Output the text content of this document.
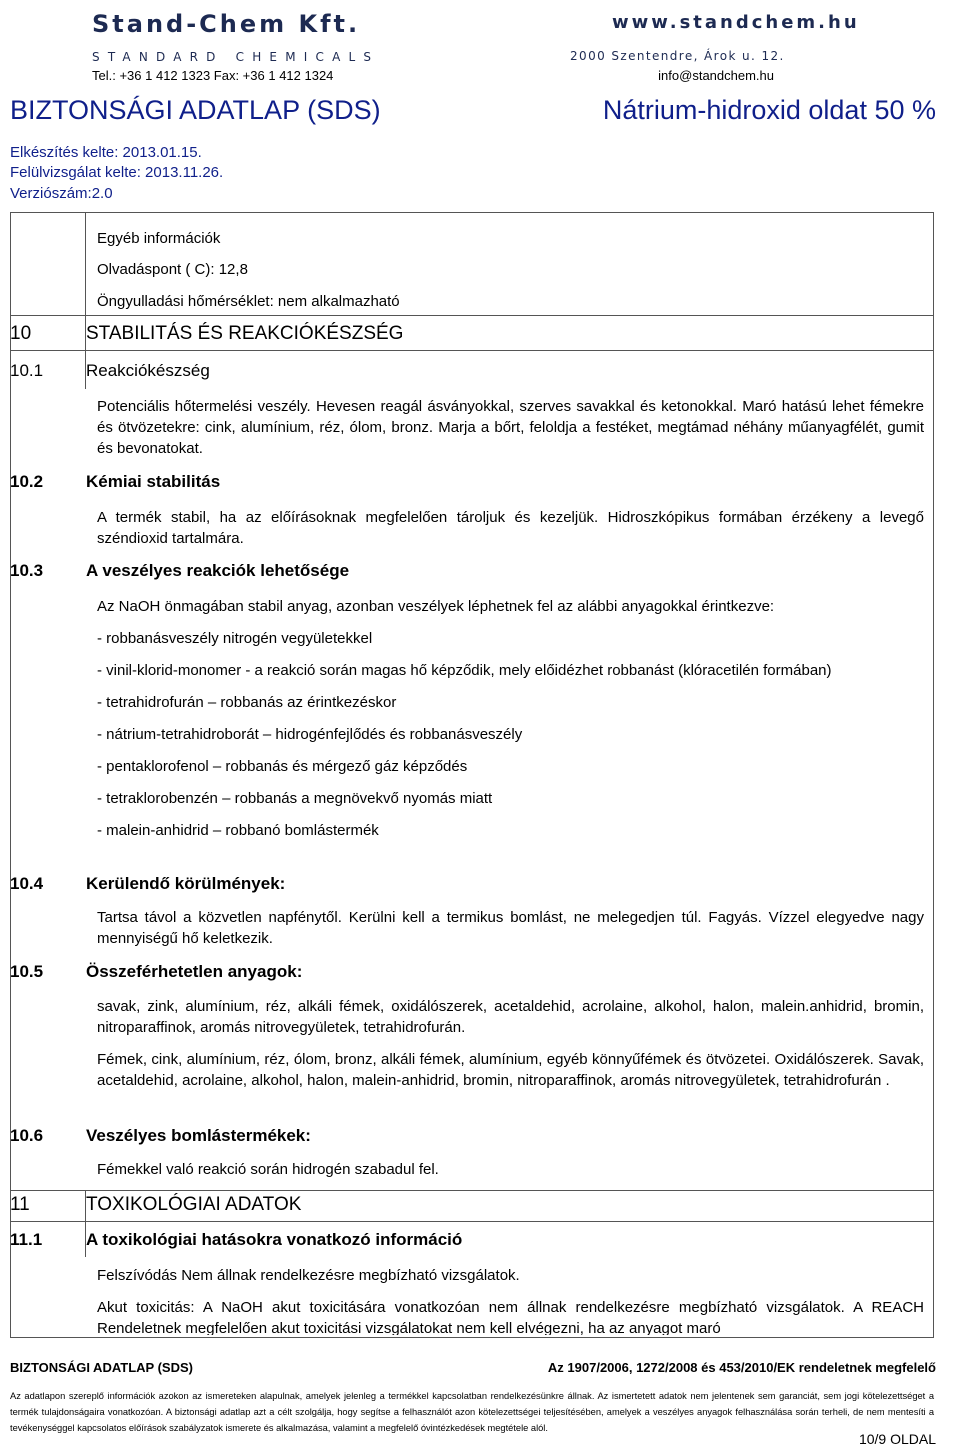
Stand-Chem Kft.	www.standchem.hu
STANDARD CHEMICALS	2000 Szentendre, Árok u. 12.
Tel.: +36 1 412 1323 Fax: +36 1 412 1324	info@standchem.hu
BIZTONSÁGI ADATLAP (SDS)	Nátrium-hidroxid oldat 50 %
Elkészítés kelte: 2013.01.15.
Felülvizsgálat kelte: 2013.11.26.
Verziószám:2.0
Egyéb információk
Olvadáspont ( C): 12,8
Öngyulladási hőmérséklet: nem alkalmazható
10	STABILITÁS ÉS REAKCIÓKÉSZSÉG
10.1	Reakciókészség
Potenciális hőtermelési veszély. Hevesen reagál ásványokkal, szerves savakkal és ketonokkal. Maró hatású lehet fémekre és ötvözetekre: cink, alumínium, réz, ólom, bronz. Marja a bőrt, feloldja a festéket, megtámad néhány műanyagfélét, gumit és bevonatokat.
10.2	Kémiai stabilitás
A termék stabil, ha az előírásoknak megfelelően tároljuk és kezeljük. Hidroszkópikus formában érzékeny a levegő széndioxid tartalmára.
10.3	A veszélyes reakciók lehetősége

Az NaOH önmagában stabil anyag, azonban veszélyek léphetnek fel az alábbi anyagokkal érintkezve:

- robbanásveszély nitrogén vegyületekkel

- vinil-klorid-monomer - a reakció során magas hő képződik, mely előidézhet robbanást (klóracetilén formában)

- tetrahidrofurán – robbanás az érintkezéskor

- nátrium-tetrahidroborát – hidrogénfejlődés és robbanásveszély

- pentaklorofenol – robbanás és mérgező gáz képződés

- tetraklorobenzén – robbanás a megnövekvő nyomás miatt

- malein-anhidrid – robbanó bomlástermék

10.4	Kerülendő körülmények:
Tartsa távol a közvetlen napfénytől. Kerülni kell a termikus bomlást, ne melegedjen túl. Fagyás. Vízzel elegyedve nagy mennyiségű hő keletkezik.
10.5	Összeférhetetlen anyagok:

savak, zink, alumínium, réz, alkáli fémek, oxidálószerek, acetaldehid, acrolaine, alkohol, halon, malein.anhidrid, bromin, nitroparaffinok, aromás nitrovegyületek, tetrahidrofurán.

Fémek, cink, alumínium, réz, ólom, bronz, alkáli fémek, alumínium, egyéb könnyűfémek és ötvözetei. Oxidálószerek. Savak, acetaldehid, acrolaine, alkohol, halon, malein-anhidrid, bromin, nitroparaffinok, aromás nitrovegyületek, tetrahidrofurán .

10.6	Veszélyes bomlástermékek:
Fémekkel való reakció során hidrogén szabadul fel.
11	TOXIKOLÓGIAI ADATOK
11.1	A toxikológiai hatásokra vonatkozó információ

Felszívódás Nem állnak rendelkezésre megbízható vizsgálatok.

Akut toxicitás: A NaOH akut toxicitására vonatkozóan nem állnak rendelkezésre megbízható vizsgálatok. A REACH Rendeletnek megfelelően akut toxicitási vizsgálatokat nem kell elvégezni, ha az anyagot maró

BIZTONSÁGI ADATLAP (SDS)	Az 1907/2006, 1272/2008 és 453/2010/EK rendeletnek megfelelő
Az adatlapon szereplő információk azokon az ismereteken alapulnak, amelyek jelenleg a termékkel kapcsolatban rendelkezésünkre állnak. Az ismertetett adatok nem jelentenek sem garanciát, sem jogi kötelezettséget a termék tulajdonságaira vonatkozóan. A biztonsági adatlap azt a célt szolgálja, hogy segítse a felhasználót azon kötelezettségei teljesítésében, amelyek a veszélyes anyagok felhasználása során terheli, de nem mentesíti a tevékenységgel kapcsolatos előírások szabályzatok ismerete és alkalmazása, valamint a megfelelő óvintézkedések megtétele alól.
10/9 OLDAL
